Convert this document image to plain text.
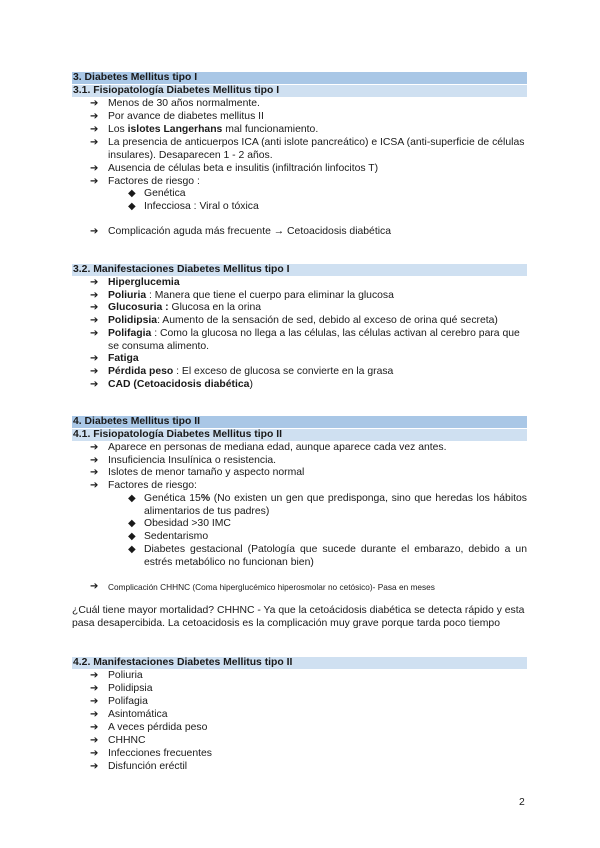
3. Diabetes Mellitus tipo I
3.1. Fisiopatología Diabetes Mellitus tipo I
➔ Menos de 30 años normalmente.
➔ Por avance de diabetes mellitus II
➔ Los islotes Langerhans mal funcionamiento.
➔ La presencia de anticuerpos ICA (anti islote pancreático) e ICSA (anti-superficie de células insulares). Desaparecen 1 - 2 años.
➔ Ausencia de células beta e insulitis (infiltración linfocitos T)
➔ Factores de riesgo :
◆ Genética
◆ Infecciosa : Viral o tóxica
➔ Complicación aguda más frecuente → Cetoacidosis diabética
3.2. Manifestaciones Diabetes Mellitus tipo I
➔ Hiperglucemia
➔ Poliuria : Manera que tiene el cuerpo para eliminar la glucosa
➔ Glucosuria : Glucosa en la orina
➔ Polidipsia: Aumento de la sensación de sed, debido al exceso de orina qué secreta)
➔ Polifagia : Como la glucosa no llega a las células, las células activan al cerebro para que se consuma alimento.
➔ Fatiga
➔ Pérdida peso : El exceso de glucosa se convierte en la grasa
➔ CAD (Cetoacidosis diabética)
4. Diabetes Mellitus tipo II
4.1. Fisiopatología Diabetes Mellitus tipo II
➔ Aparece en personas de mediana edad, aunque aparece cada vez antes.
➔ Insuficiencia Insulínica o resistencia.
➔ Islotes de menor tamaño y aspecto normal
➔ Factores de riesgo:
◆ Genética 15% (No existen un gen que predisponga, sino que heredas los hábitos alimentarios de tus padres)
◆ Obesidad >30 IMC
◆ Sedentarismo
◆ Diabetes gestacional (Patología que sucede durante el embarazo, debido a un estrés metabólico no funcionan bien)
➔ Complicación CHHNC (Coma hiperglucémico hiperosmolar no cetósico)- Pasa en meses
¿Cuál tiene mayor mortalidad? CHHNC - Ya que la cetoácidosis diabética se detecta rápido y esta pasa desapercibida. La cetoacidosis es la complicación muy grave porque tarda poco tiempo
4.2. Manifestaciones Diabetes Mellitus tipo II
➔ Poliuria
➔ Polidipsia
➔ Polifagia
➔ Asintomática
➔ A veces pérdida peso
➔ CHHNC
➔ Infecciones frecuentes
➔ Disfunción eréctil
2
